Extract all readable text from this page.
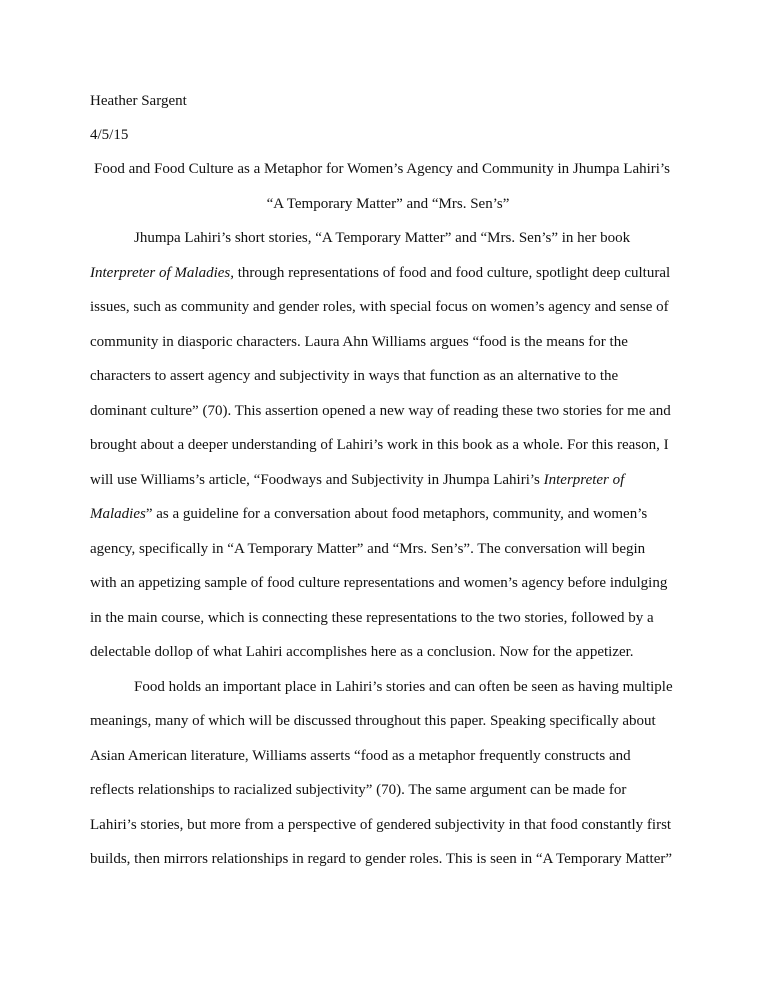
Heather Sargent

4/5/15

Food and Food Culture as a Metaphor for Women’s Agency and Community in Jhumpa Lahiri’s

“A Temporary Matter” and “Mrs. Sen’s”

Jhumpa Lahiri’s short stories, “A Temporary Matter” and “Mrs. Sen’s” in her book

Interpreter of Maladies, through representations of food and food culture, spotlight deep cultural

issues, such as community and gender roles, with special focus on women’s agency and sense of

community in diasporic characters. Laura Ahn Williams argues “food is the means for the

characters to assert agency and subjectivity in ways that function as an alternative to the

dominant culture” (70). This assertion opened a new way of reading these two stories for me and

brought about a deeper understanding of Lahiri’s work in this book as a whole. For this reason, I

will use Williams’s article, “Foodways and Subjectivity in Jhumpa Lahiri’s Interpreter of

Maladies” as a guideline for a conversation about food metaphors, community, and women’s

agency, specifically in “A Temporary Matter” and “Mrs. Sen’s”. The conversation will begin

with an appetizing sample of food culture representations and women’s agency before indulging

in the main course, which is connecting these representations to the two stories, followed by a

delectable dollop of what Lahiri accomplishes here as a conclusion. Now for the appetizer.

Food holds an important place in Lahiri’s stories and can often be seen as having multiple

meanings, many of which will be discussed throughout this paper. Speaking specifically about

Asian American literature, Williams asserts “food as a metaphor frequently constructs and

reflects relationships to racialized subjectivity” (70). The same argument can be made for

Lahiri’s stories, but more from a perspective of gendered subjectivity in that food constantly first

builds, then mirrors relationships in regard to gender roles. This is seen in “A Temporary Matter”
